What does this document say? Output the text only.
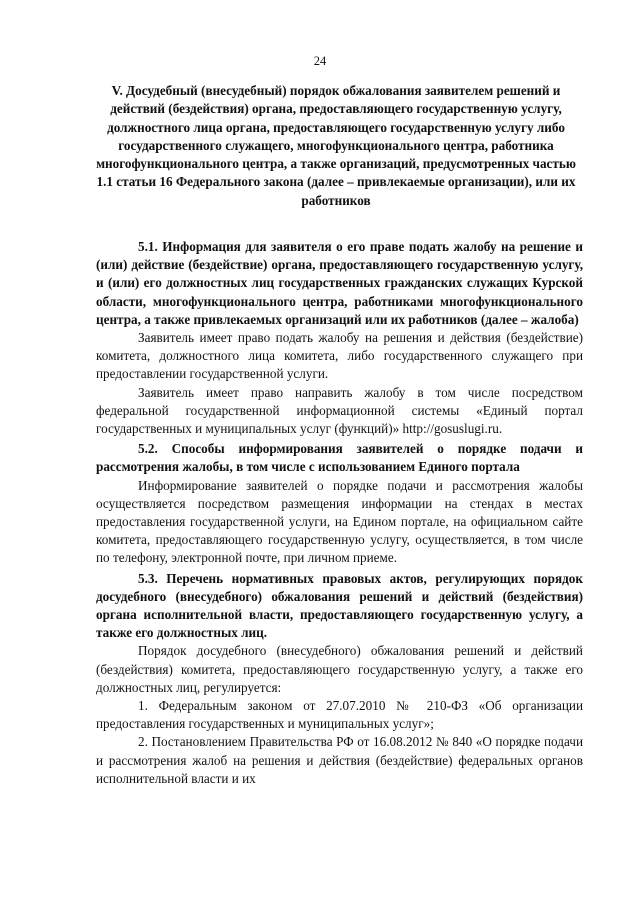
24
V. Досудебный (внесудебный) порядок обжалования заявителем решений и действий (бездействия) органа, предоставляющего государственную услугу, должностного лица органа, предоставляющего государственную услугу либо государственного служащего, многофункционального центра, работника многофункционального центра, а также организаций, предусмотренных частью 1.1 статьи 16 Федерального закона (далее – привлекаемые организации), или их работников

5.1. Информация для заявителя о его праве подать жалобу на решение и (или) действие (бездействие) органа, предоставляющего государственную услугу, и (или) его должностных лиц государственных гражданских служащих Курской области, многофункционального центра, работниками многофункционального центра, а также привлекаемых организаций или их работников (далее – жалоба)

Заявитель имеет право подать жалобу на решения и действия (бездействие) комитета, должностного лица комитета, либо государственного служащего при предоставлении государственной услуги.

Заявитель имеет право направить жалобу в том числе посредством федеральной государственной информационной системы «Единый портал государственных и муниципальных услуг (функций)» http://gosuslugi.ru.

5.2. Способы информирования заявителей о порядке подачи и рассмотрения жалобы, в том числе с использованием Единого портала

Информирование заявителей о порядке подачи и рассмотрения жалобы осуществляется посредством размещения информации на стендах в местах предоставления государственной услуги, на Едином портале, на официальном сайте комитета, предоставляющего государственную услугу, осуществляется, в том числе по телефону, электронной почте, при личном приеме.

5.3. Перечень нормативных правовых актов, регулирующих порядок досудебного (внесудебного) обжалования решений и действий (бездействия) органа исполнительной власти, предоставляющего государственную услугу, а также его должностных лиц.

Порядок досудебного (внесудебного) обжалования решений и действий (бездействия) комитета, предоставляющего государственную услугу, а также его должностных лиц, регулируется:

1. Федеральным законом от 27.07.2010 № 210-ФЗ «Об организации предоставления государственных и муниципальных услуг»;

2. Постановлением Правительства РФ от 16.08.2012 № 840 «О порядке подачи и рассмотрения жалоб на решения и действия (бездействие) федеральных органов исполнительной власти и их
